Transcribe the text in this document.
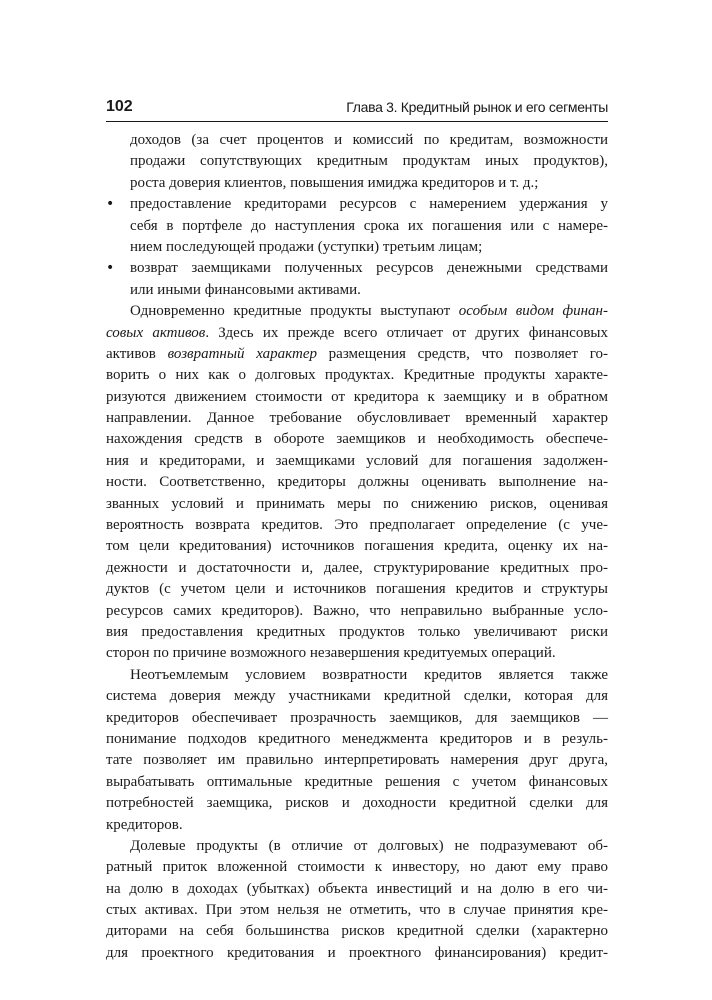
102	Глава 3. Кредитный рынок и его сегменты
доходов (за счет процентов и комиссий по кредитам, возможности
продажи сопутствующих кредитным продуктам иных продуктов),
роста доверия клиентов, повышения имиджа кредиторов и т. д.;
•	предоставление кредиторами ресурсов с намерением удержания у
себя в портфеле до наступления срока их погашения или с намере-
нием последующей продажи (уступки) третьим лицам;
•	возврат заемщиками полученных ресурсов денежными средствами
или иными финансовыми активами.
Одновременно кредитные продукты выступают особым видом финан-
совых активов. Здесь их прежде всего отличает от других финансовых
активов возвратный характер размещения средств, что позволяет го-
ворить о них как о долговых продуктах. Кредитные продукты характе-
ризуются движением стоимости от кредитора к заемщику и в обратном
направлении. Данное требование обусловливает временный характер
нахождения средств в обороте заемщиков и необходимость обеспече-
ния и кредиторами, и заемщиками условий для погашения задолжен-
ности. Соответственно, кредиторы должны оценивать выполнение на-
званных условий и принимать меры по снижению рисков, оценивая
вероятность возврата кредитов. Это предполагает определение (с уче-
том цели кредитования) источников погашения кредита, оценку их на-
дежности и достаточности и, далее, структурирование кредитных про-
дуктов (с учетом цели и источников погашения кредитов и структуры
ресурсов самих кредиторов). Важно, что неправильно выбранные усло-
вия предоставления кредитных продуктов только увеличивают риски
сторон по причине возможного незавершения кредитуемых операций.
Неотъемлемым условием возвратности кредитов является также
система доверия между участниками кредитной сделки, которая для
кредиторов обеспечивает прозрачность заемщиков, для заемщиков —
понимание подходов кредитного менеджмента кредиторов и в резуль-
тате позволяет им правильно интерпретировать намерения друг друга,
вырабатывать оптимальные кредитные решения с учетом финансовых
потребностей заемщика, рисков и доходности кредитной сделки для
кредиторов.
Долевые продукты (в отличие от долговых) не подразумевают об-
ратный приток вложенной стоимости к инвестору, но дают ему право
на долю в доходах (убытках) объекта инвестиций и на долю в его чи-
стых активах. При этом нельзя не отметить, что в случае принятия кре-
диторами на себя большинства рисков кредитной сделки (характерно
для проектного кредитования и проектного финансирования) кредит-
